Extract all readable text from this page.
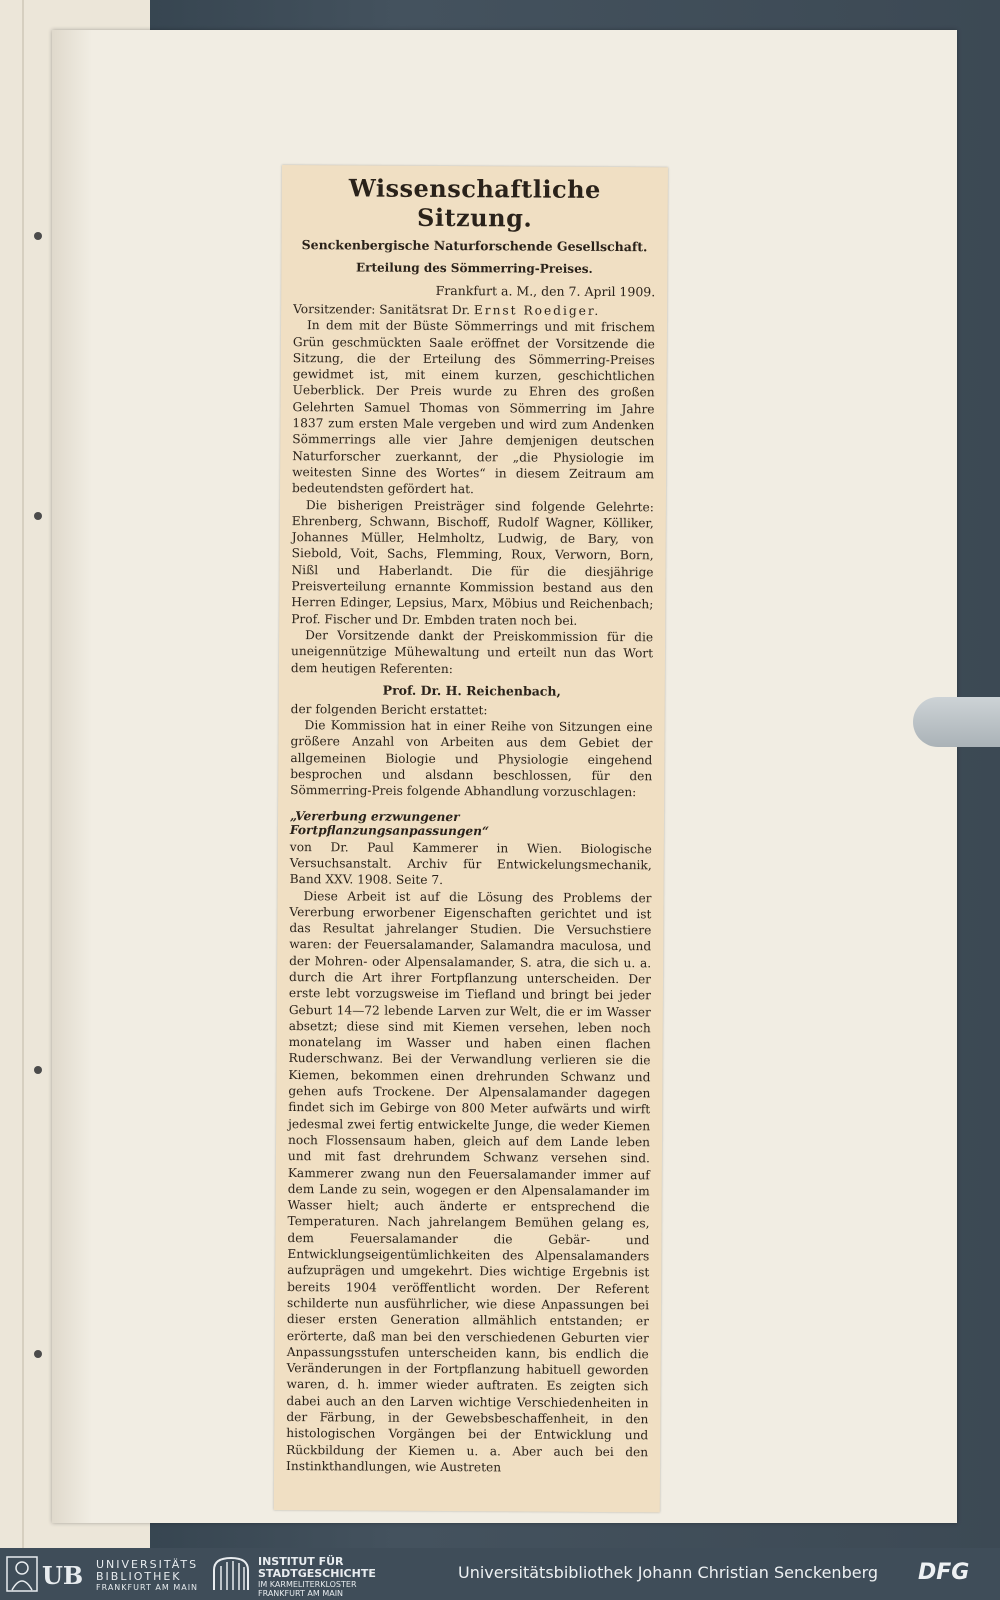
Wissenschaftliche Sitzung.
Senckenbergische Naturforschende Gesellschaft.
Erteilung des Sömmerring-Preises.
Frankfurt a. M., den 7. April 1909.

Vorsitzender: Sanitätsrat Dr. Ernst Roediger.

In dem mit der Büste Sömmerrings und mit frischem Grün geschmückten Saale eröffnet der Vorsitzende die Sitzung, die der Erteilung des Sömmerring-Preises gewidmet ist, mit einem kurzen, geschichtlichen Ueberblick. Der Preis wurde zu Ehren des großen Gelehrten Samuel Thomas von Sömmerring im Jahre 1837 zum ersten Male vergeben und wird zum Andenken Sömmerrings alle vier Jahre demjenigen deutschen Naturforscher zuerkannt, der „die Physiologie im weitesten Sinne des Wortes“ in diesem Zeitraum am bedeutendsten gefördert hat.

Die bisherigen Preisträger sind folgende Gelehrte: Ehrenberg, Schwann, Bischoff, Rudolf Wagner, Kölliker, Johannes Müller, Helmholtz, Ludwig, de Bary, von Siebold, Voit, Sachs, Flemming, Roux, Verworn, Born, Nißl und Haberlandt. Die für die diesjährige Preisverteilung ernannte Kommission bestand aus den Herren Edinger, Lepsius, Marx, Möbius und Reichenbach; Prof. Fischer und Dr. Embden traten noch bei.

Der Vorsitzende dankt der Preiskommission für die uneigennützige Mühewaltung und erteilt nun das Wort dem heutigen Referenten:

Prof. Dr. H. Reichenbach,

der folgenden Bericht erstattet:

Die Kommission hat in einer Reihe von Sitzungen eine größere Anzahl von Arbeiten aus dem Gebiet der allgemeinen Biologie und Physiologie eingehend besprochen und alsdann beschlossen, für den Sömmerring-Preis folgende Abhandlung vorzuschlagen:

„Vererbung erzwungener Fortpflanzungsanpassungen“

von Dr. Paul Kammerer in Wien. Biologische Versuchsanstalt. Archiv für Entwickelungsmechanik, Band XXV. 1908. Seite 7.

Diese Arbeit ist auf die Lösung des Problems der Vererbung erworbener Eigenschaften gerichtet und ist das Resultat jahrelanger Studien. Die Versuchstiere waren: der Feuersalamander, Salamandra maculosa, und der Mohren- oder Alpensalamander, S. atra, die sich u. a. durch die Art ihrer Fortpflanzung unterscheiden. Der erste lebt vorzugsweise im Tiefland und bringt bei jeder Geburt 14—72 lebende Larven zur Welt, die er im Wasser absetzt; diese sind mit Kiemen versehen, leben noch monatelang im Wasser und haben einen flachen Ruderschwanz. Bei der Verwandlung verlieren sie die Kiemen, bekommen einen drehrunden Schwanz und gehen aufs Trockene. Der Alpensalamander dagegen findet sich im Gebirge von 800 Meter aufwärts und wirft jedesmal zwei fertig entwickelte Junge, die weder Kiemen noch Flossensaum haben, gleich auf dem Lande leben und mit fast drehrundem Schwanz versehen sind. Kammerer zwang nun den Feuersalamander immer auf dem Lande zu sein, wogegen er den Alpensalamander im Wasser hielt; auch änderte er entsprechend die Temperaturen. Nach jahrelangem Bemühen gelang es, dem Feuersalamander die Gebär- und Entwicklungseigentümlichkeiten des Alpensalamanders aufzuprägen und umgekehrt. Dies wichtige Ergebnis ist bereits 1904 veröffentlicht worden. Der Referent schilderte nun ausführlicher, wie diese Anpassungen bei dieser ersten Generation allmählich entstanden; er erörterte, daß man bei den verschiedenen Geburten vier Anpassungsstufen unterscheiden kann, bis endlich die Veränderungen in der Fortpflanzung habituell geworden waren, d. h. immer wieder auftraten. Es zeigten sich dabei auch an den Larven wichtige Verschiedenheiten in der Färbung, in der Gewebsbeschaffenheit, in den histologischen Vorgängen bei der Entwicklung und Rückbildung der Kiemen u. a. Aber auch bei den Instinkthandlungen, wie Austreten

UB UNIVERSITÄTS
BIBLIOTHEK
FRANKFURT AM MAIN
INSTITUT FÜR
STADTGESCHICHTE
IM KARMELITERKLOSTER
FRANKFURT AM MAIN
Universitätsbibliothek Johann Christian Senckenberg DFG
